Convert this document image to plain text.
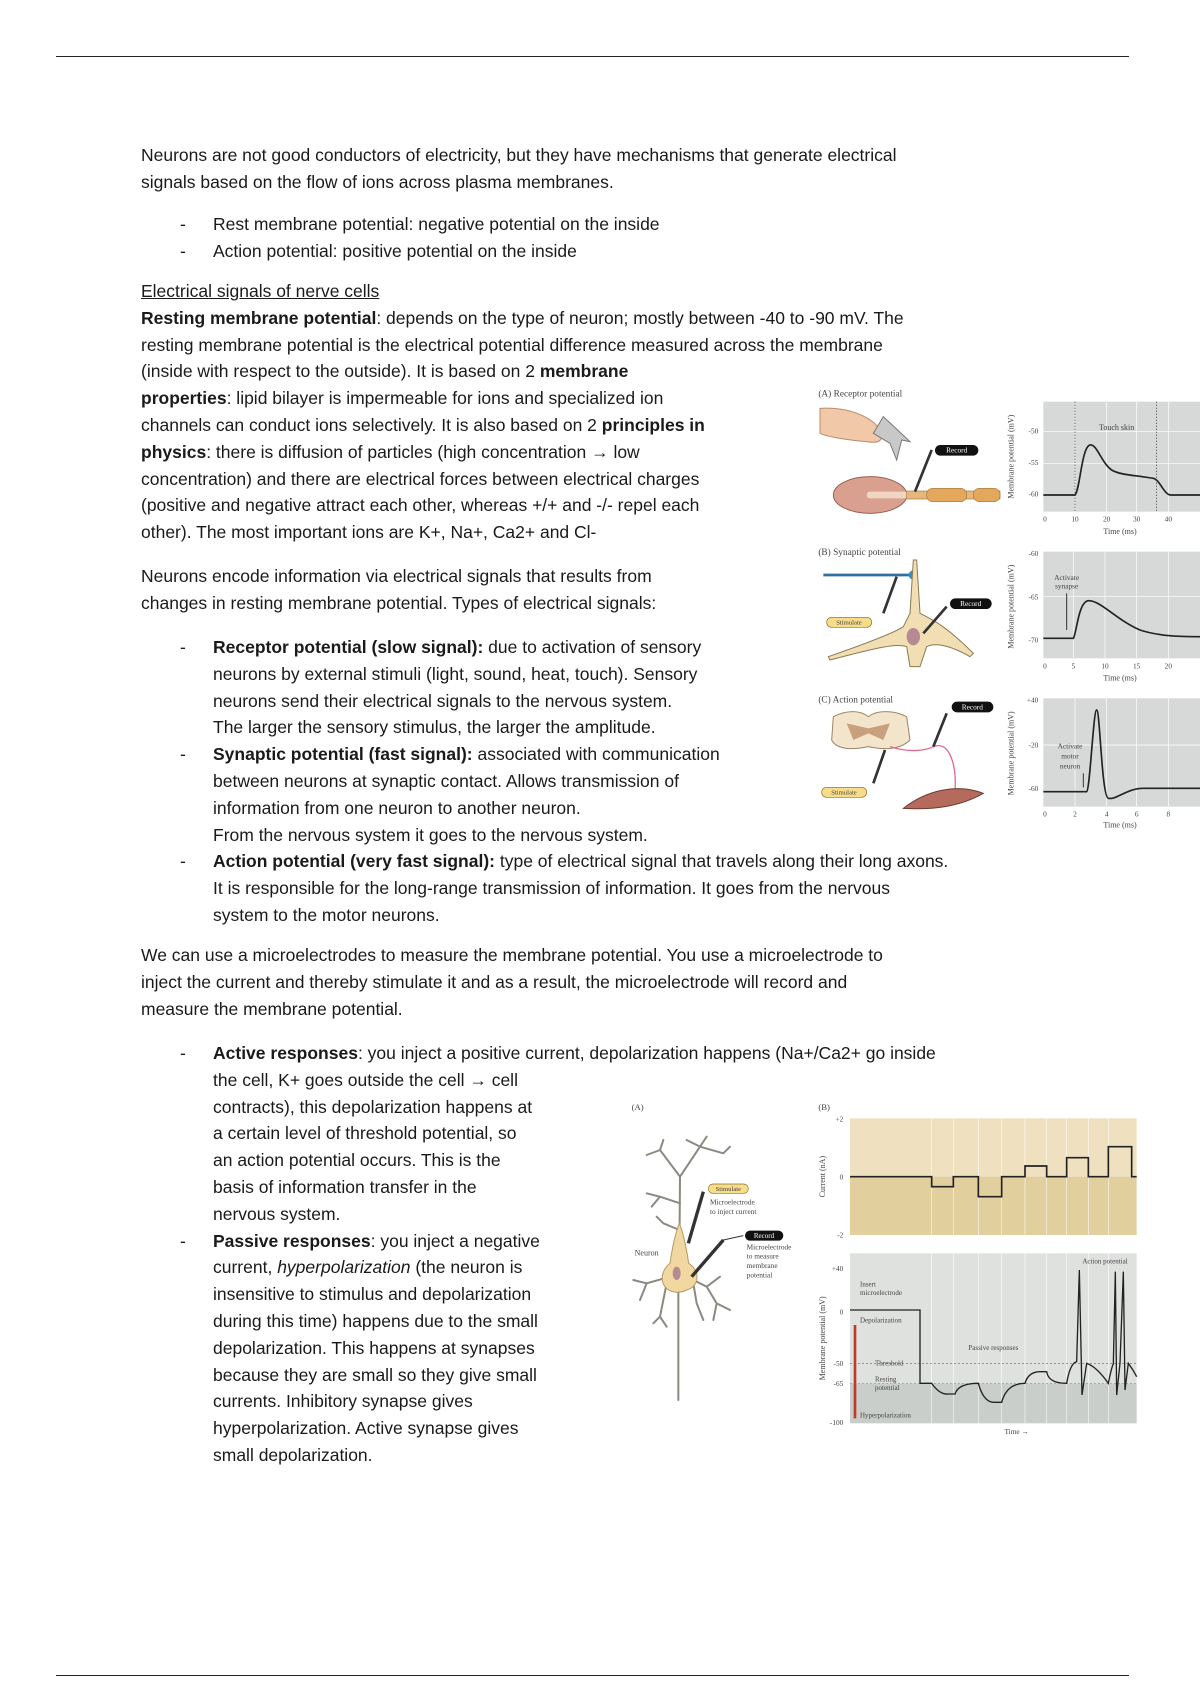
Neurons are not good conductors of electricity, but they have mechanisms that generate electrical
signals based on the flow of ions across plasma membranes.
- Rest membrane potential: negative potential on the inside
- Action potential: positive potential on the inside
Electrical signals of nerve cells
Resting membrane potential: depends on the type of neuron; mostly between -40 to -90 mV. The
resting membrane potential is the electrical potential difference measured across the membrane
(inside with respect to the outside). It is based on 2 membrane
properties: lipid bilayer is impermeable for ions and specialized ion
channels can conduct ions selectively. It is also based on 2 principles in
physics: there is diffusion of particles (high concentration → low
concentration) and there are electrical forces between electrical charges
(positive and negative attract each other, whereas +/+ and -/- repel each
other). The most important ions are K+, Na+, Ca2+ and Cl-
Neurons encode information via electrical signals that results from
changes in resting membrane potential. Types of electrical signals:
- Receptor potential (slow signal): due to activation of sensory
neurons by external stimuli (light, sound, heat, touch). Sensory
neurons send their electrical signals to the nervous system.
The larger the sensory stimulus, the larger the amplitude.
- Synaptic potential (fast signal): associated with communication
between neurons at synaptic contact. Allows transmission of
information from one neuron to another neuron.
From the nervous system it goes to the nervous system.
- Action potential (very fast signal): type of electrical signal that travels along their long axons.
It is responsible for the long-range transmission of information. It goes from the nervous
system to the motor neurons.
We can use a microelectrodes to measure the membrane potential. You use a microelectrode to
inject the current and thereby stimulate it and as a result, the microelectrode will record and
measure the membrane potential.
- Active responses: you inject a positive current, depolarization happens (Na+/Ca2+ go inside
the cell, K+ goes outside the cell → cell
contracts), this depolarization happens at
a certain level of threshold potential, so
an action potential occurs. This is the
basis of information transfer in the
nervous system.
- Passive responses: you inject a negative
current, hyperpolarization (the neuron is
insensitive to stimulus and depolarization
during this time) happens due to the small
depolarization. This happens at synapses
because they are small so they give small
currents. Inhibitory synapse gives
hyperpolarization. Active synapse gives
small depolarization.
(A) Receptor potential
Record
Touch skin
-50
-55
-60
0 10 20 30 40
Time (ms)
Membrane potential (mV)
(B) Synaptic potential
Stimulate
Record
Activate
synapse
-60
-65
-70
0 5 10 15 20
Time (ms)
Membrane potential (mV)
(C) Action potential
Record
Stimulate
Activate
motor
neuron
+40
-20
-60
0 2 4 6 8
Time (ms)
Membrane potential (mV)
(A)
Neuron
Stimulate
Microelectrode
to inject current
Record
Microelectrode
to measure
membrane
potential
(B)
+2
0
-2
Current (nA)
Insert
microelectrode
Depolarization
Threshold
Resting
potential
Hyperpolarization
Passive responses
Action potential
+40
0
-50
-65
-100
Membrane potential (mV)
Time →
